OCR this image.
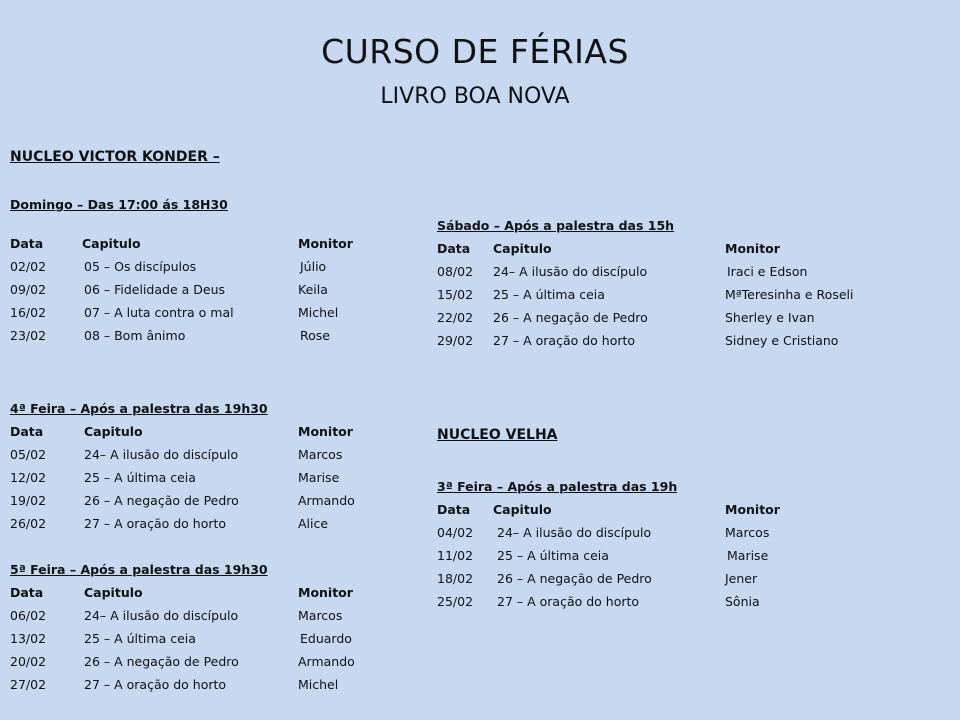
CURSO DE FÉRIAS
LIVRO BOA NOVA
NUCLEO VICTOR KONDER –
Domingo – Das 17:00 ás 18H30
Data	Capitulo	Monitor
02/02	05 – Os discípulos	Júlio
09/02	06 – Fidelidade a Deus	Keila
16/02	07 – A luta contra o mal	Michel
23/02	08 – Bom ânimo	Rose
4ª Feira – Após a palestra das 19h30
Data	Capitulo	Monitor
05/02	24– A ilusão do discípulo	Marcos
12/02	25 – A última ceia	Marise
19/02	26 – A negação de Pedro	Armando
26/02	27 – A oração do horto	Alice
5ª Feira – Após a palestra das 19h30
Data	Capitulo	Monitor
06/02	24– A ilusão do discípulo	Marcos
13/02	25 – A última ceia	Eduardo
20/02	26 – A negação de Pedro	Armando
27/02	27 – A oração do horto	Michel
Sábado – Após a palestra das 15h
Data	Capitulo	Monitor
08/02	24– A ilusão do discípulo	Iraci e Edson
15/02	25 – A última ceia	MªTeresinha e Roseli
22/02	26 – A negação de Pedro	Sherley e Ivan
29/02	27 – A oração do horto	Sidney e Cristiano
NUCLEO VELHA
3ª Feira – Após a palestra das 19h
Data	Capitulo	Monitor
04/02	24– A ilusão do discípulo	Marcos
11/02	25 – A última ceia	Marise
18/02	26 – A negação de Pedro	Jener
25/02	27 – A oração do horto	Sônia
